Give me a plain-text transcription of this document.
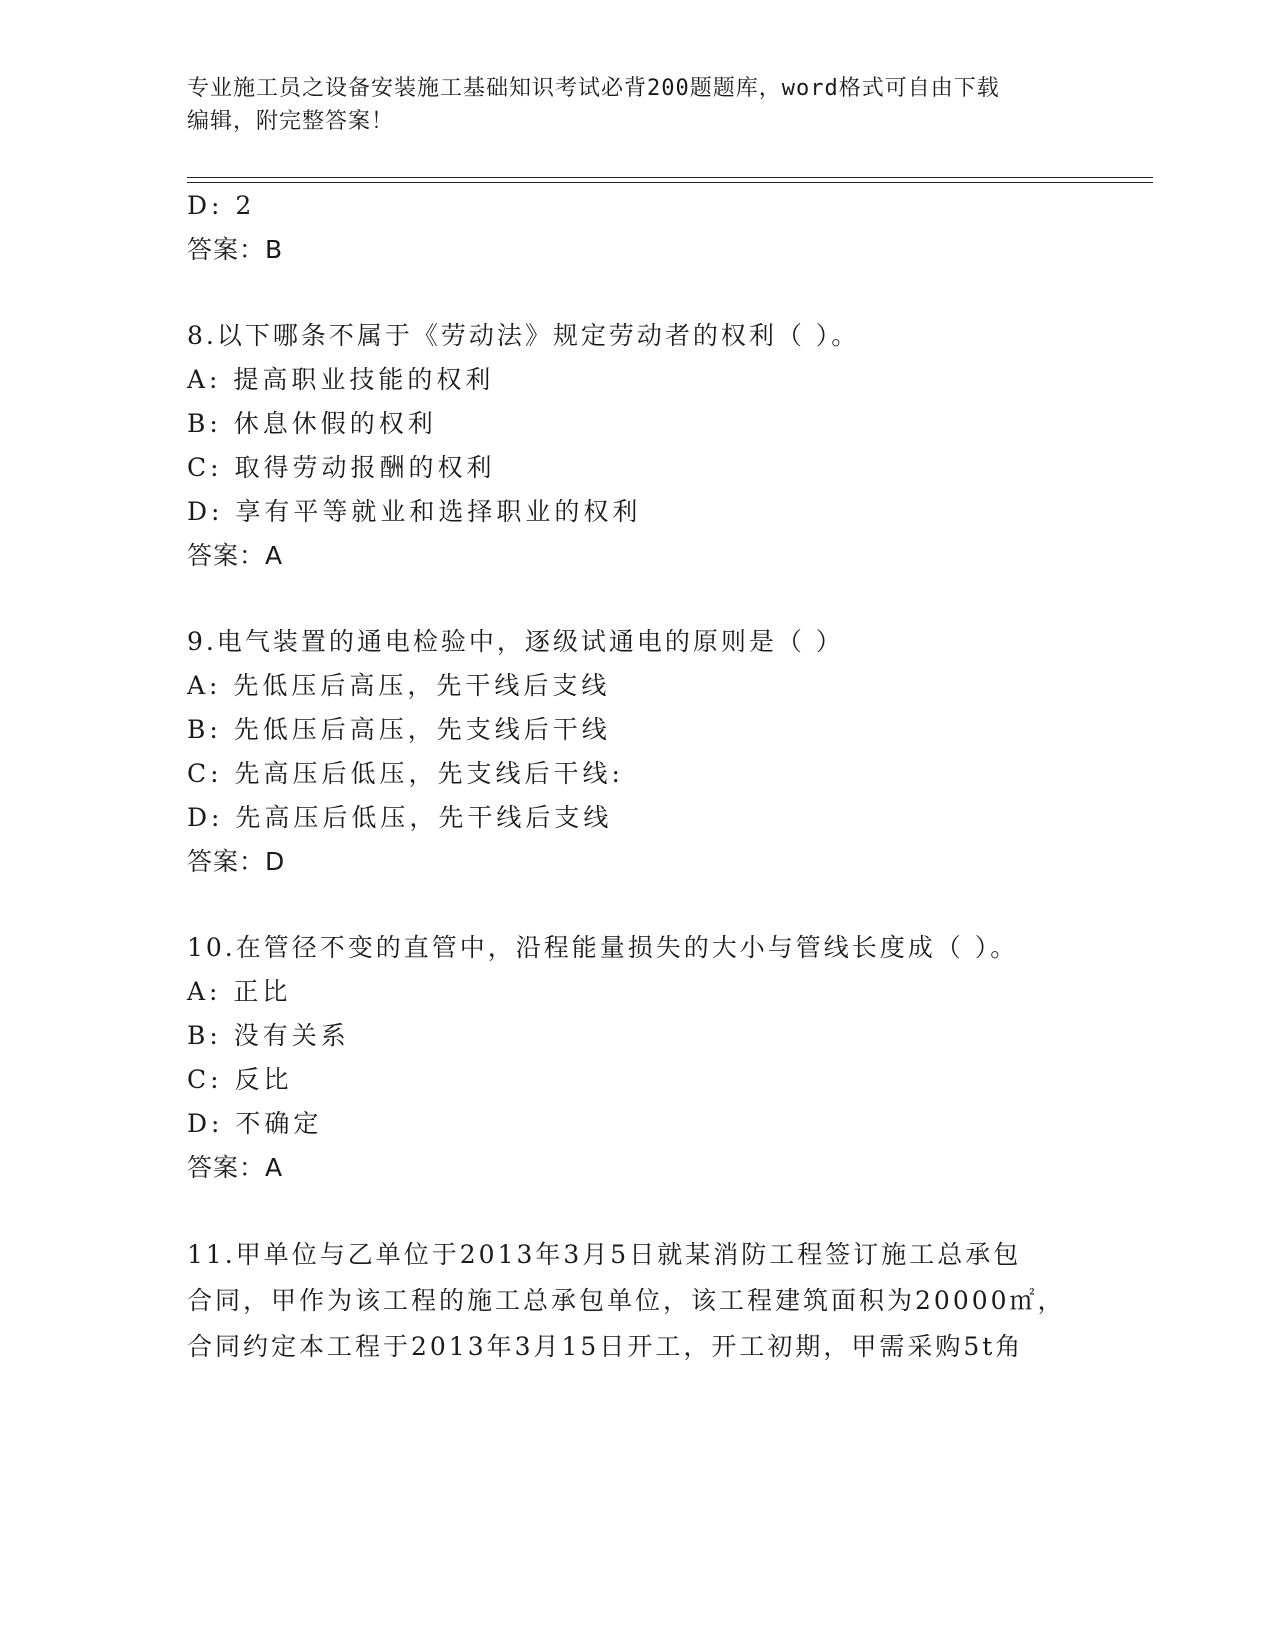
专业施工员之设备安装施工基础知识考试必背200题题库，word格式可自由下载
编辑，附完整答案！
D: 2
答案：B
8.以下哪条不属于《劳动法》规定劳动者的权利（ ）。
A: 提高职业技能的权利
B: 休息休假的权利
C: 取得劳动报酬的权利
D: 享有平等就业和选择职业的权利
答案：A
9.电气装置的通电检验中，逐级试通电的原则是（ ）
A: 先低压后高压，先干线后支线
B: 先低压后高压，先支线后干线
C: 先高压后低压，先支线后干线:
D: 先高压后低压，先干线后支线
答案：D
10.在管径不变的直管中，沿程能量损失的大小与管线长度成（ ）。
A: 正比
B: 没有关系
C: 反比
D: 不确定
答案：A
11.甲单位与乙单位于2013年3月5日就某消防工程签订施工总承包
合同，甲作为该工程的施工总承包单位，该工程建筑面积为20000㎡，
合同约定本工程于2013年3月15日开工，开工初期，甲需采购5t角
